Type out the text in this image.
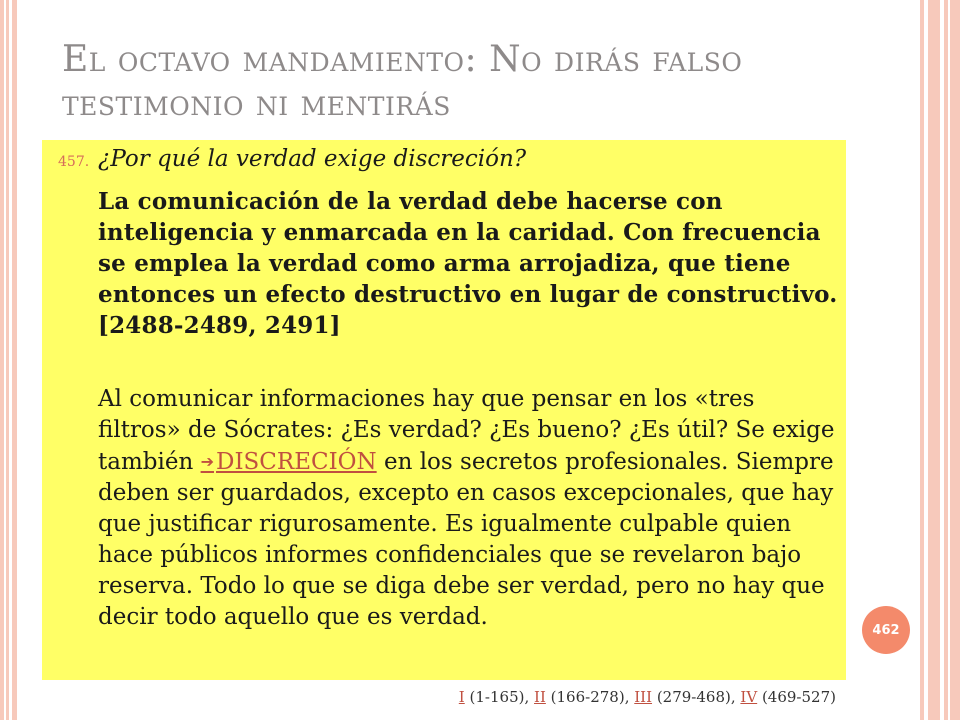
El octavo mandamiento: No dirás falso
testimonio ni mentirás
457. ¿Por qué la verdad exige discreción?
La comunicación de la verdad debe hacerse con inteligencia y enmarcada en la caridad. Con frecuencia se emplea la verdad como arma arrojadiza, que tiene entonces un efecto destructivo en lugar de constructivo. [2488-2489, 2491]
Al comunicar informaciones hay que pensar en los «tres filtros» de Sócrates: ¿Es verdad? ¿Es bueno? ¿Es útil? Se exige también ➔DISCRECIÓN en los secretos profesionales. Siempre deben ser guardados, excepto en casos excepcionales, que hay que justificar rigurosamente. Es igualmente culpable quien hace públicos informes confidenciales que se revelaron bajo reserva. Todo lo que se diga debe ser verdad, pero no hay que decir todo aquello que es verdad.	462
I (1-165), II (166-278), III (279-468), IV (469-527)
